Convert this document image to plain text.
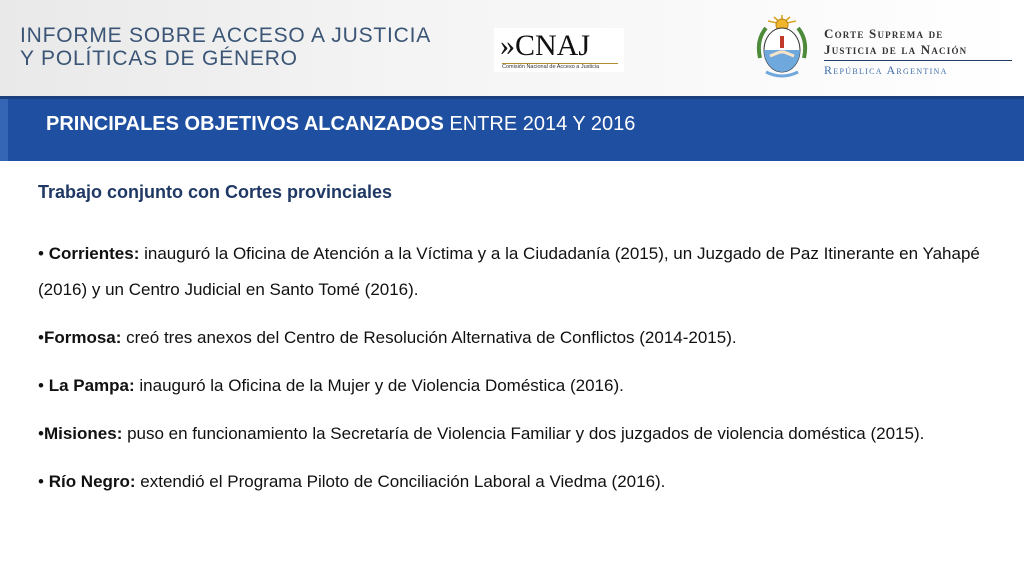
INFORME SOBRE ACCESO A JUSTICIA
Y POLÍTICAS DE GÉNERO	»CNAJ
Comisión Nacional de Acceso a Justicia
Corte Suprema de
Justicia de la Nación
República Argentina
PRINCIPALES OBJETIVOS ALCANZADOS ENTRE 2014 Y 2016
Trabajo conjunto con Cortes provinciales
• Corrientes: inauguró la Oficina de Atención a la Víctima y a la Ciudadanía (2015), un Juzgado de Paz Itinerante en Yahapé (2016) y un Centro Judicial en Santo Tomé (2016).
•Formosa: creó tres anexos del Centro de Resolución Alternativa de Conflictos (2014-2015).
• La Pampa: inauguró la Oficina de la Mujer y de Violencia Doméstica (2016).
•Misiones: puso en funcionamiento la Secretaría de Violencia Familiar y dos juzgados de violencia doméstica (2015).
• Río Negro: extendió el Programa Piloto de Conciliación Laboral a Viedma (2016).
